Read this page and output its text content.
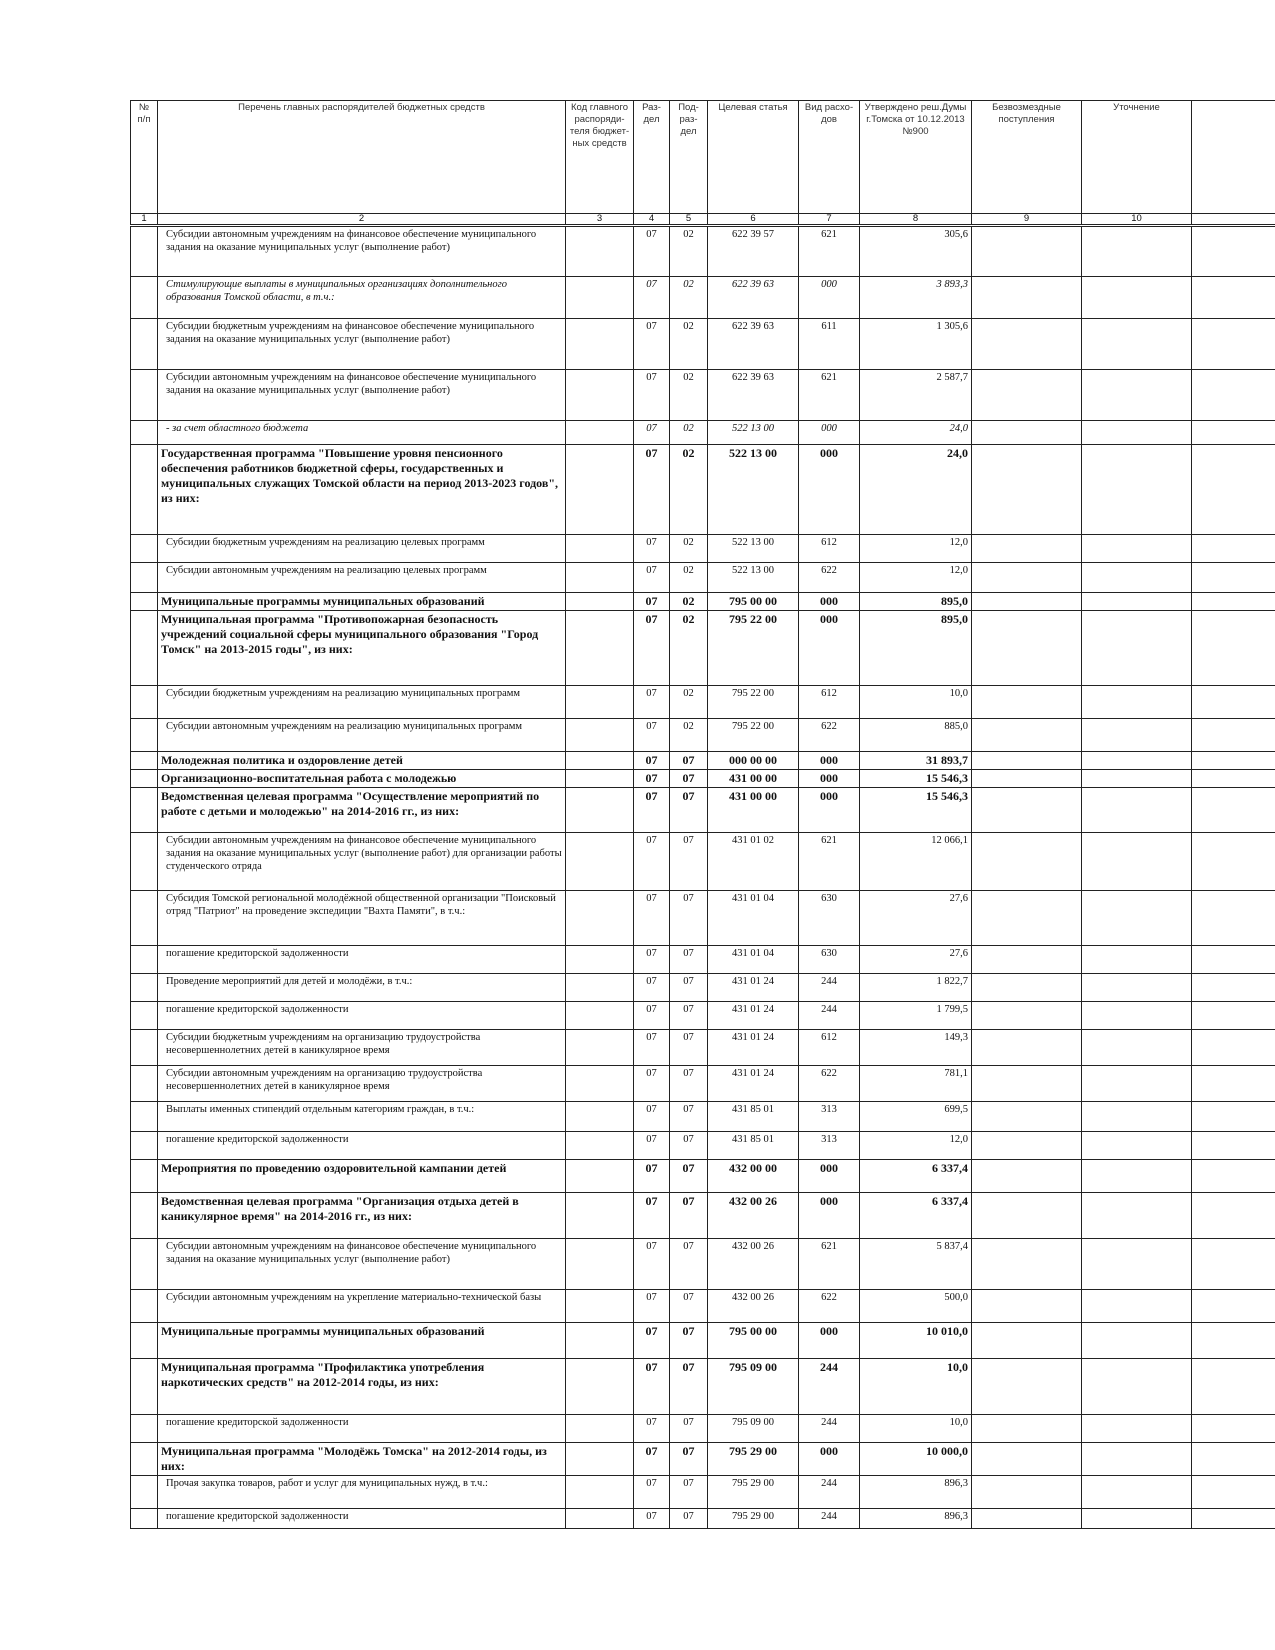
№ п/п	Перечень главных распорядителей бюджетных средств	Код главного распоряди-теля бюджет-ных средств	Раз-дел	Под-раз-дел	Целевая статья	Вид расхо-дов	Утверждено реш.Думы г.Томска от 10.12.2013 №900	Безвозмездные поступления	Уточнение	
1	2	3	4	5	6	7	8	9	10	
	Субсидии автономным учреждениям на финансовое обеспечение муниципального задания на оказание муниципальных услуг (выполнение работ)		07	02	622 39 57	621	305,6			
	Стимулирующие выплаты в муниципальных организациях дополнительного образования Томской области, в т.ч.:		07	02	622 39 63	000	3 893,3			
	Субсидии бюджетным учреждениям на финансовое обеспечение муниципального задания на оказание муниципальных услуг (выполнение работ)		07	02	622 39 63	611	1 305,6			
	Субсидии автономным учреждениям на финансовое обеспечение муниципального задания на оказание муниципальных услуг (выполнение работ)		07	02	622 39 63	621	2 587,7			
	- за счет областного бюджета		07	02	522 13 00	000	24,0			
	Государственная программа "Повышение уровня пенсионного обеспечения работников бюджетной сферы, государственных и муниципальных служащих Томской области на период 2013-2023 годов", из них:		07	02	522 13 00	000	24,0			
	Субсидии бюджетным учреждениям на реализацию целевых программ		07	02	522 13 00	612	12,0			
	Субсидии автономным учреждениям на реализацию целевых программ		07	02	522 13 00	622	12,0			
	Муниципальные программы муниципальных образований		07	02	795 00 00	000	895,0			
	Муниципальная программа "Противопожарная безопасность учреждений социальной сферы муниципального образования "Город Томск" на 2013-2015 годы", из них:		07	02	795 22 00	000	895,0			
	Субсидии бюджетным учреждениям на реализацию муниципальных программ		07	02	795 22 00	612	10,0			
	Субсидии автономным учреждениям на реализацию муниципальных программ		07	02	795 22 00	622	885,0			
	Молодежная политика и оздоровление детей		07	07	000 00 00	000	31 893,7			
	Организационно-воспитательная работа с молодежью		07	07	431 00 00	000	15 546,3			
	Ведомственная целевая программа "Осуществление мероприятий по работе с детьми и молодежью" на 2014-2016 гг., из них:		07	07	431 00 00	000	15 546,3			
	Субсидии автономным учреждениям на финансовое обеспечение муниципального задания на оказание муниципальных услуг (выполнение работ) для организации работы студенческого отряда		07	07	431 01 02	621	12 066,1			
	Субсидия Томской региональной молодёжной общественной организации "Поисковый отряд "Патриот" на проведение экспедиции "Вахта Памяти", в т.ч.:		07	07	431 01 04	630	27,6			
	погашение кредиторской задолженности		07	07	431 01 04	630	27,6			
	Проведение мероприятий для детей и молодёжи, в т.ч.:		07	07	431 01 24	244	1 822,7			
	погашение кредиторской задолженности		07	07	431 01 24	244	1 799,5			
	Субсидии бюджетным учреждениям на организацию трудоустройства несовершеннолетних детей в каникулярное время		07	07	431 01 24	612	149,3			
	Субсидии автономным учреждениям на организацию трудоустройства несовершеннолетних детей в каникулярное время		07	07	431 01 24	622	781,1			
	Выплаты именных стипендий отдельным категориям граждан, в т.ч.:		07	07	431 85 01	313	699,5			
	погашение кредиторской задолженности		07	07	431 85 01	313	12,0			
	Мероприятия по проведению оздоровительной кампании детей		07	07	432 00 00	000	6 337,4			
	Ведомственная целевая программа "Организация отдыха детей в каникулярное время" на 2014-2016 гг., из них:		07	07	432 00 26	000	6 337,4			
	Субсидии автономным учреждениям на финансовое обеспечение муниципального задания на оказание муниципальных услуг (выполнение работ)		07	07	432 00 26	621	5 837,4			
	Субсидии автономным учреждениям на укрепление материально-технической базы		07	07	432 00 26	622	500,0			
	Муниципальные программы муниципальных образований		07	07	795 00 00	000	10 010,0			
	Муниципальная программа "Профилактика употребления наркотических средств" на 2012-2014 годы, из них:		07	07	795 09 00	244	10,0			
	погашение кредиторской задолженности		07	07	795 09 00	244	10,0			
	Муниципальная программа "Молодёжь Томска" на 2012-2014 годы, из них:		07	07	795 29 00	000	10 000,0			
	Прочая закупка товаров, работ и услуг для муниципальных нужд, в т.ч.:		07	07	795 29 00	244	896,3			
	погашение кредиторской задолженности		07	07	795 29 00	244	896,3			
